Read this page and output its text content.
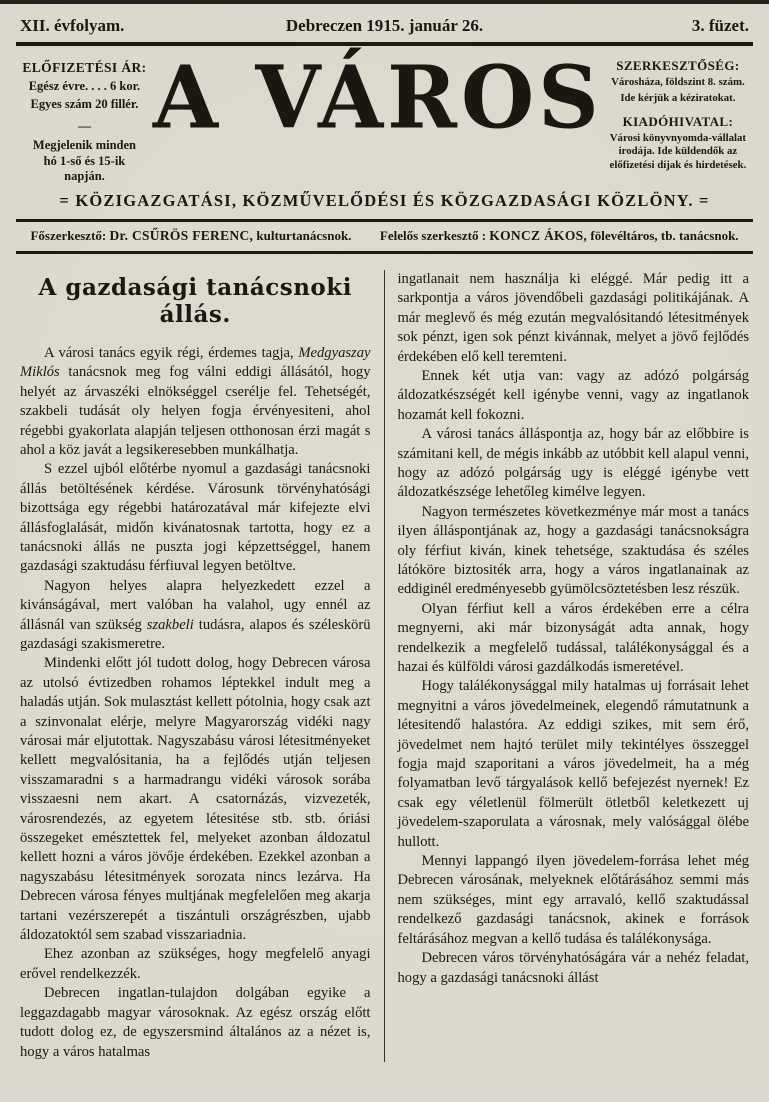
XII. évfolyam.	Debreczen 1915. január 26.	3. füzet.
ELŐFIZETÉSI ÁR:
Egész évre. . . . 6 kor.
Egyes szám 20 fillér.
—
Megjelenik minden hó 1-ső és 15-ik napján.
A VÁROS	SZERKESZTŐSÉG:
Városháza, földszint 8. szám.
Ide kérjük a kéziratokat.
KIADÓHIVATAL:
Városi könyvnyomda-vállalat irodája. Ide küldendők az előfizetési díjak és hirdetések.
= KÖZIGAZGATÁSI, KÖZMŰVELŐDÉSI ÉS KÖZGAZDASÁGI KÖZLÖNY. =
Főszerkesztő: Dr. CSŰRÖS FERENC, kulturtanácsnok. Felelős szerkesztő : KONCZ ÁKOS, fölevéltáros, tb. tanácsnok.
A gazdasági tanácsnoki állás.

A városi tanács egyik régi, érdemes tagja, Medgyaszay Miklós tanácsnok meg fog válni eddigi állásától, hogy helyét az árvaszéki elnökséggel cserélje fel. Tehetségét, szakbeli tudását oly helyen fogja érvényesiteni, ahol régebbi gyakorlata alapján teljesen otthonosan érzi magát s ahol a köz javát a legsikeresebben munkálhatja.

S ezzel ujból előtérbe nyomul a gazdasági tanácsnoki állás betöltésének kérdése. Városunk törvényhatósági bizottsága egy régebbi határozatával már kifejezte elvi állásfoglalását, midőn kivánatosnak tartotta, hogy ez a tanácsnoki állás ne puszta jogi képzettséggel, hanem gazdasági szaktudásu férfiuval legyen betöltve.

Nagyon helyes alapra helyezkedett ezzel a kivánságával, mert valóban ha valahol, ugy ennél az állásnál van szükség szakbeli tudásra, alapos és széleskörü gazdasági szakismeretre.

Mindenki előtt jól tudott dolog, hogy Debrecen városa az utolsó évtizedben rohamos léptekkel indult meg a haladás utján. Sok mulasztást kellett pótolnia, hogy csak azt a szinvonalat elérje, melyre Magyarország vidéki nagy városai már eljutottak. Nagyszabásu városi létesitményeket kellett megvalósitania, ha a fejlődés utján teljesen visszamaradni s a harmadrangu vidéki városok sorába visszaesni nem akart. A csatornázás, vizvezeték, városrendezés, az egyetem létesitése stb. stb. óriási összegeket emésztettek fel, melyeket azonban áldozatul kellett hozni a város jövője érdekében. Ezekkel azonban a nagyszabásu létesitmények sorozata nincs lezárva. Ha Debrecen városa fényes multjának megfelelően meg akarja tartani vezérszerepét a tiszántuli országrészben, ujabb áldozatoktól sem szabad visszariadnia.

Ehez azonban az szükséges, hogy megfelelő anyagi erővel rendelkezzék.

Debrecen ingatlan-tulajdon dolgában egyike a leggazdagabb magyar városoknak. Az egész ország előtt tudott dolog ez, de egyszersmind általános az a nézet is, hogy a város hatalmas

ingatlanait nem használja ki eléggé. Már pedig itt a sarkpontja a város jövendőbeli gazdasági politikájának. A már meglevő és még ezután megvalósitandó létesitmények sok pénzt, igen sok pénzt kivánnak, melyet a jövő fejlődés érdekében elő kell teremteni.

Ennek két utja van: vagy az adózó polgárság áldozatkészségét kell igénybe venni, vagy az ingatlanok hozamát kell fokozni.

A városi tanács álláspontja az, hogy bár az előbbire is számitani kell, de mégis inkább az utóbbit kell alapul venni, hogy az adózó polgárság ugy is eléggé igénybe vett áldozatkészsége lehetőleg kimélve legyen.

Nagyon természetes következménye már most a tanács ilyen álláspontjának az, hogy a gazdasági tanácsnokságra oly férfiut kiván, kinek tehetsége, szaktudása és széles látóköre biztositék arra, hogy a város ingatlanainak az eddiginél eredményesebb gyümölcsöztetésben lesz részük.

Olyan férfiut kell a város érdekében erre a célra megnyerni, aki már bizonyságát adta annak, hogy rendelkezik a megfelelő tudással, találékonysággal és a hazai és külföldi városi gazdálkodás ismeretével.

Hogy találékonysággal mily hatalmas uj forrásait lehet megnyitni a város jövedelmeinek, elegendő rámutatnunk a létesitendő halastóra. Az eddigi szikes, mit sem érő, jövedelmet nem hajtó terület mily tekintélyes összeggel fogja majd szaporitani a város jövedelmeit, ha a még folyamatban levő tárgyalások kellő befejezést nyernek! Ez csak egy véletlenül fölmerült ötletből keletkezett uj jövedelem-szaporulata a városnak, mely valósággal ölébe hullott.

Mennyi lappangó ilyen jövedelem-forrása lehet még Debrecen városának, melyeknek előtárásához semmi más nem szükséges, mint egy arravaló, kellő szaktudással rendelkező gazdasági tanácsnok, akinek e források feltárásához megvan a kellő tudása és találékonysága.

Debrecen város törvényhatóságára vár a nehéz feladat, hogy a gazdasági tanácsnoki állást
